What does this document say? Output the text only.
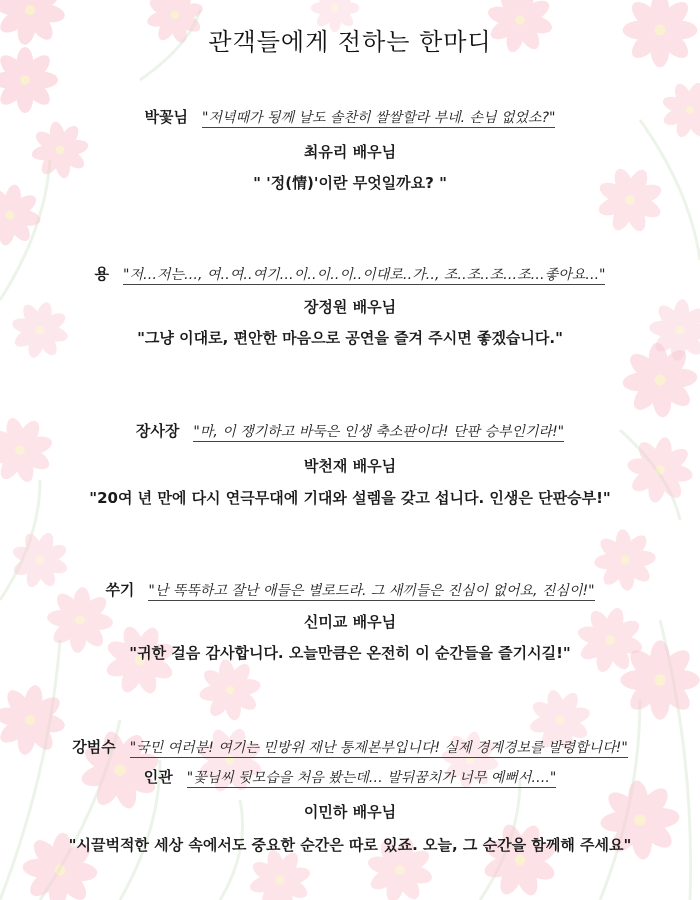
관객들에게 전하는 한마디
박꽃님 "저녁때가 됭께 날도 솔찬히 쌀쌀할라 부네. 손님 없었소?"
최유리 배우님
" '정(情)'이란 무엇일까요? "
용 "저…저는…, 여‥여‥여기…이‥이‥이‥이대로‥가‥, 조‥조‥조…조…좋아요‥."
장정원 배우님
"그냥 이대로, 편안한 마음으로 공연을 즐겨 주시면 좋겠습니다."
장사장 "마, 이 쟁기하고 바둑은 인생 축소판이다! 단판 승부인기라!"
박천재 배우님
"20여 년 만에 다시 연극무대에 기대와 설렘을 갖고 섭니다. 인생은 단판승부!"
쑤기 "난 똑똑하고 잘난 애들은 별로드라. 그 새끼들은 진심이 없어요, 진심이!"
신미교 배우님
"귀한 걸음 감사합니다. 오늘만큼은 온전히 이 순간들을 즐기시길!"
강범수 "국민 여러분! 여기는 민방위 재난 통제본부입니다! 실제 경계경보를 발령합니다!"
인관 "꽃님씨 뒷모습을 처음 봤는데… 발뒤꿈치가 너무 예뻐서…."
이민하 배우님
"시끌벅적한 세상 속에서도 중요한 순간은 따로 있죠. 오늘, 그 순간을 함께해 주세요"
